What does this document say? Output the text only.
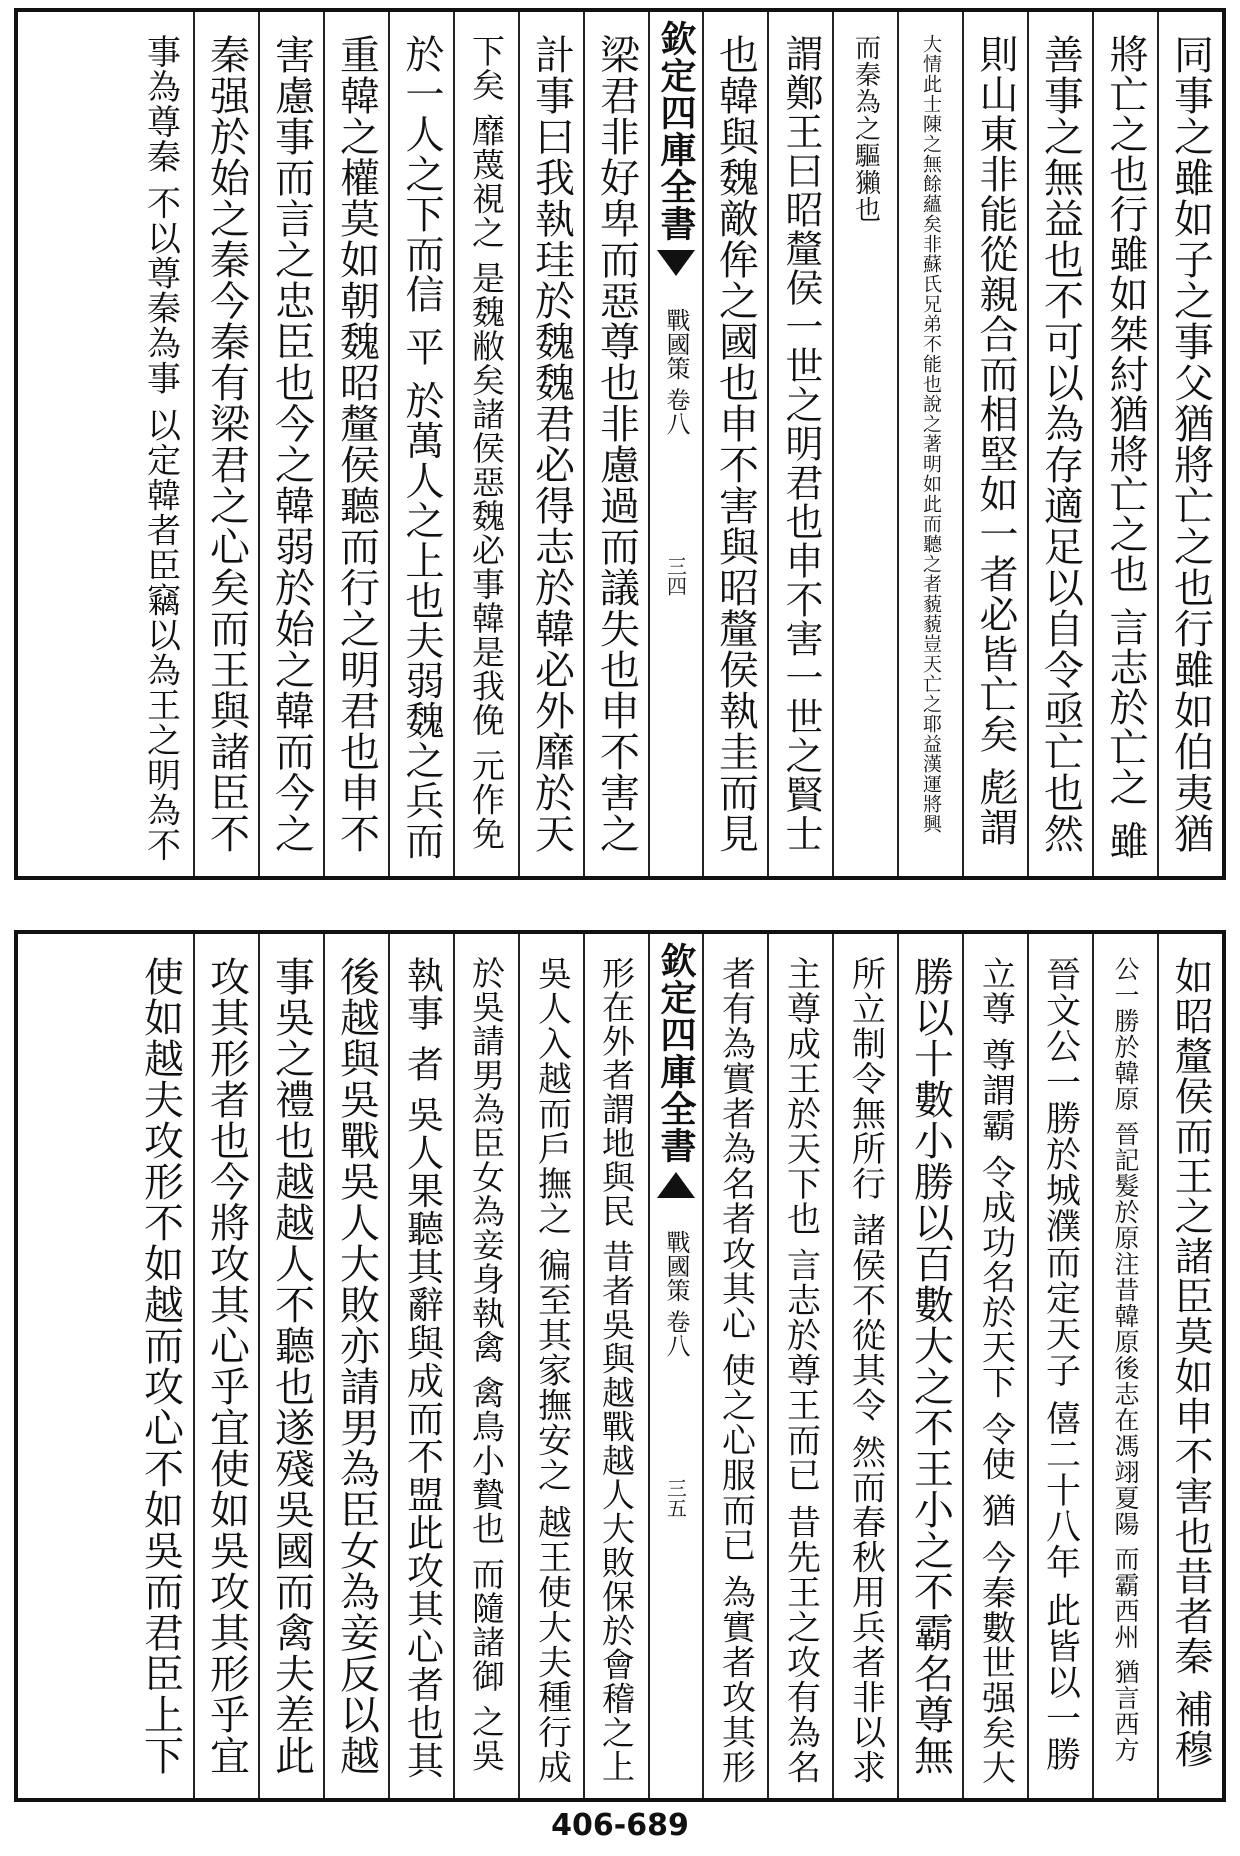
同事之雖如子之事父猶將亡之也行雖如伯夷猶
將亡之也行雖如桀紂猶將亡之也 言志於亡之 雖
善事之無益也不可以為存適足以自令亟亡也然
則山東非能從親合而相堅如一者必皆亡矣 彪謂
大情此士陳之無餘蘊矣非蘇氏兄弟不能也說之著明如此而聽之者藐藐豈天亡之耶益漢運將興
而秦為之驅獺也
謂鄭王曰昭釐侯一世之明君也申不害一世之賢士
也韓與魏敵侔之國也申不害與昭釐侯執圭而見
欽定四庫全書
戰國策 卷八
三四
梁君非好卑而惡尊也非慮過而議失也申不害之
計事曰我執珪於魏魏君必得志於韓必外靡於天
下矣 靡蔑視之 是魏敝矣諸侯惡魏必事韓是我俛 元作免
於一人之下而信 平 於萬人之上也夫弱魏之兵而
重韓之權莫如朝魏昭釐侯聽而行之明君也申不
害慮事而言之忠臣也今之韓弱於始之韓而今之
秦强於始之秦今秦有梁君之心矣而王與諸臣不
事為尊秦 不以尊秦為事 以定韓者臣竊以為王之明為不
如昭釐侯而王之諸臣莫如申不害也昔者秦 補穆
公一勝於韓原 晉記髮於原注昔韓原後志在馮翊夏陽 而霸西州 猶言西方
晉文公一勝於城濮而定天子 僖二十八年 此皆以一勝
立尊 尊謂霸 令成功名於天下 令使 猶 今秦數世强矣大
勝以十數小勝以百數大之不王小之不霸名尊無
所立制令無所行 諸侯不從其令 然而春秋用兵者非以求
主尊成王於天下也 言志於尊王而已 昔先王之攻有為名
者有為實者為名者攻其心 使之心服而已 為實者攻其形
欽定四庫全書
戰國策 卷八
三五
形在外者謂地與民 昔者吳與越戰越人大敗保於會稽之上
吳人入越而戶撫之 徧至其家撫安之 越王使大夫種行成
於吳請男為臣女為妾身執禽 禽鳥小贄也 而隨諸御 之吳
執事 者 吳人果聽其辭與成而不盟此攻其心者也其
後越與吳戰吳人大敗亦請男為臣女為妾反以越
事吳之禮也越越人不聽也遂殘吳國而禽夫差此
攻其形者也今將攻其心乎宜使如吳攻其形乎宜
使如越夫攻形不如越而攻心不如吳而君臣上下
406-689
